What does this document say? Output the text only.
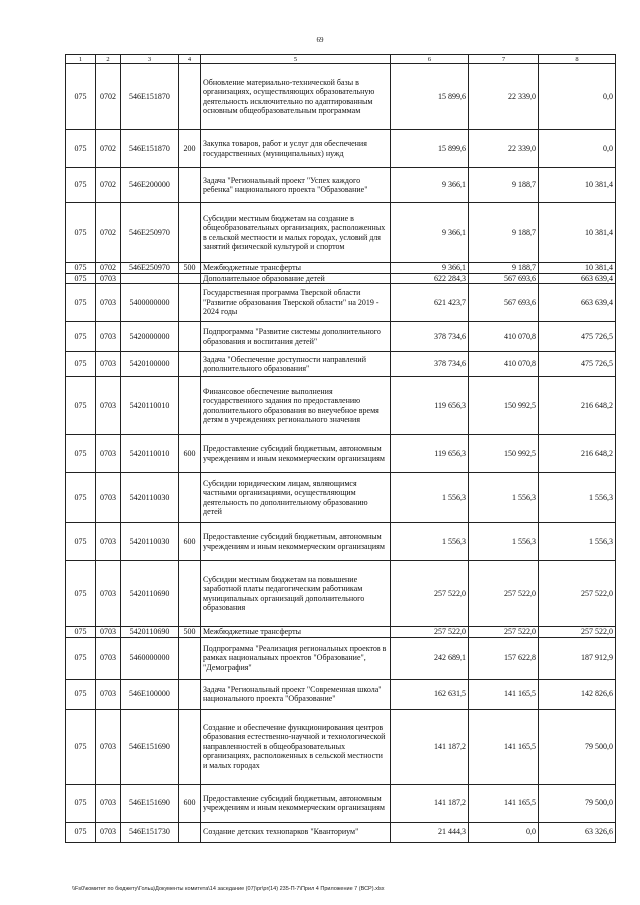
69
1	2	3	4	5	6	7	8
075	0702	546E151870		Обновление материально-технической базы в организациях, осуществляющих образовательную деятельность исключительно по адаптированным основным общеобразовательным программам	15 899,6	22 339,0	0,0
075	0702	546E151870	200	Закупка товаров, работ и услуг для обеспечения государственных (муниципальных) нужд	15 899,6	22 339,0	0,0
075	0702	546E200000		Задача "Региональный проект "Успех каждого ребенка" национального проекта "Образование"	9 366,1	9 188,7	10 381,4
075	0702	546E250970		Субсидии местным бюджетам на создание в общеобразовательных организациях, расположенных в сельской местности и малых городах, условий для занятий физической культурой и спортом	9 366,1	9 188,7	10 381,4
075	0702	546E250970	500	Межбюджетные трансферты	9 366,1	9 188,7	10 381,4
075	0703			Дополнительное образование детей	622 284,3	567 693,6	663 639,4
075	0703	5400000000		Государственная программа Тверской области "Развитие образования Тверской области" на 2019 - 2024 годы	621 423,7	567 693,6	663 639,4
075	0703	5420000000		Подпрограмма "Развитие системы дополнительного образования и воспитания детей"	378 734,6	410 070,8	475 726,5
075	0703	5420100000		Задача "Обеспечение доступности направлений дополнительного образования"	378 734,6	410 070,8	475 726,5
075	0703	5420110010		Финансовое обеспечение выполнения государственного задания по предоставлению дополнительного образования во внеучебное время детям в учреждениях регионального значения	119 656,3	150 992,5	216 648,2
075	0703	5420110010	600	Предоставление субсидий бюджетным, автономным учреждениям и иным некоммерческим организациям	119 656,3	150 992,5	216 648,2
075	0703	5420110030		Субсидии юридическим лицам, являющимся частными организациями, осуществляющим деятельность по дополнительному образованию детей	1 556,3	1 556,3	1 556,3
075	0703	5420110030	600	Предоставление субсидий бюджетным, автономным учреждениям и иным некоммерческим организациям	1 556,3	1 556,3	1 556,3
075	0703	5420110690		Субсидии местным бюджетам на повышение заработной платы педагогическим работникам муниципальных организаций дополнительного образования	257 522,0	257 522,0	257 522,0
075	0703	5420110690	500	Межбюджетные трансферты	257 522,0	257 522,0	257 522,0
075	0703	5460000000		Подпрограмма "Реализация региональных проектов в рамках национальных проектов "Образование", "Демография"	242 689,1	157 622,8	187 912,9
075	0703	546E100000		Задача "Региональный проект "Современная школа" национального проекта "Образование"	162 631,5	141 165,5	142 826,6
075	0703	546E151690		Создание и обеспечение функционирования центров образования естественно-научной и технологической направленностей в общеобразовательных организациях, расположенных в сельской местности и малых городах	141 187,2	141 165,5	79 500,0
075	0703	546E151690	600	Предоставление субсидий бюджетным, автономным учреждениям и иным некоммерческим организациям	141 187,2	141 165,5	79 500,0
075	0703	546E151730		Создание детских технопарков "Кванториум"	21 444,3	0,0	63 326,6
\\Fs0\комитет по бюджету\Гольц\Документы комитета\14 заседание (07)\pr\pr(14) 235-П-7\Прил 4 Приложение 7 (ВСР).xlsx
